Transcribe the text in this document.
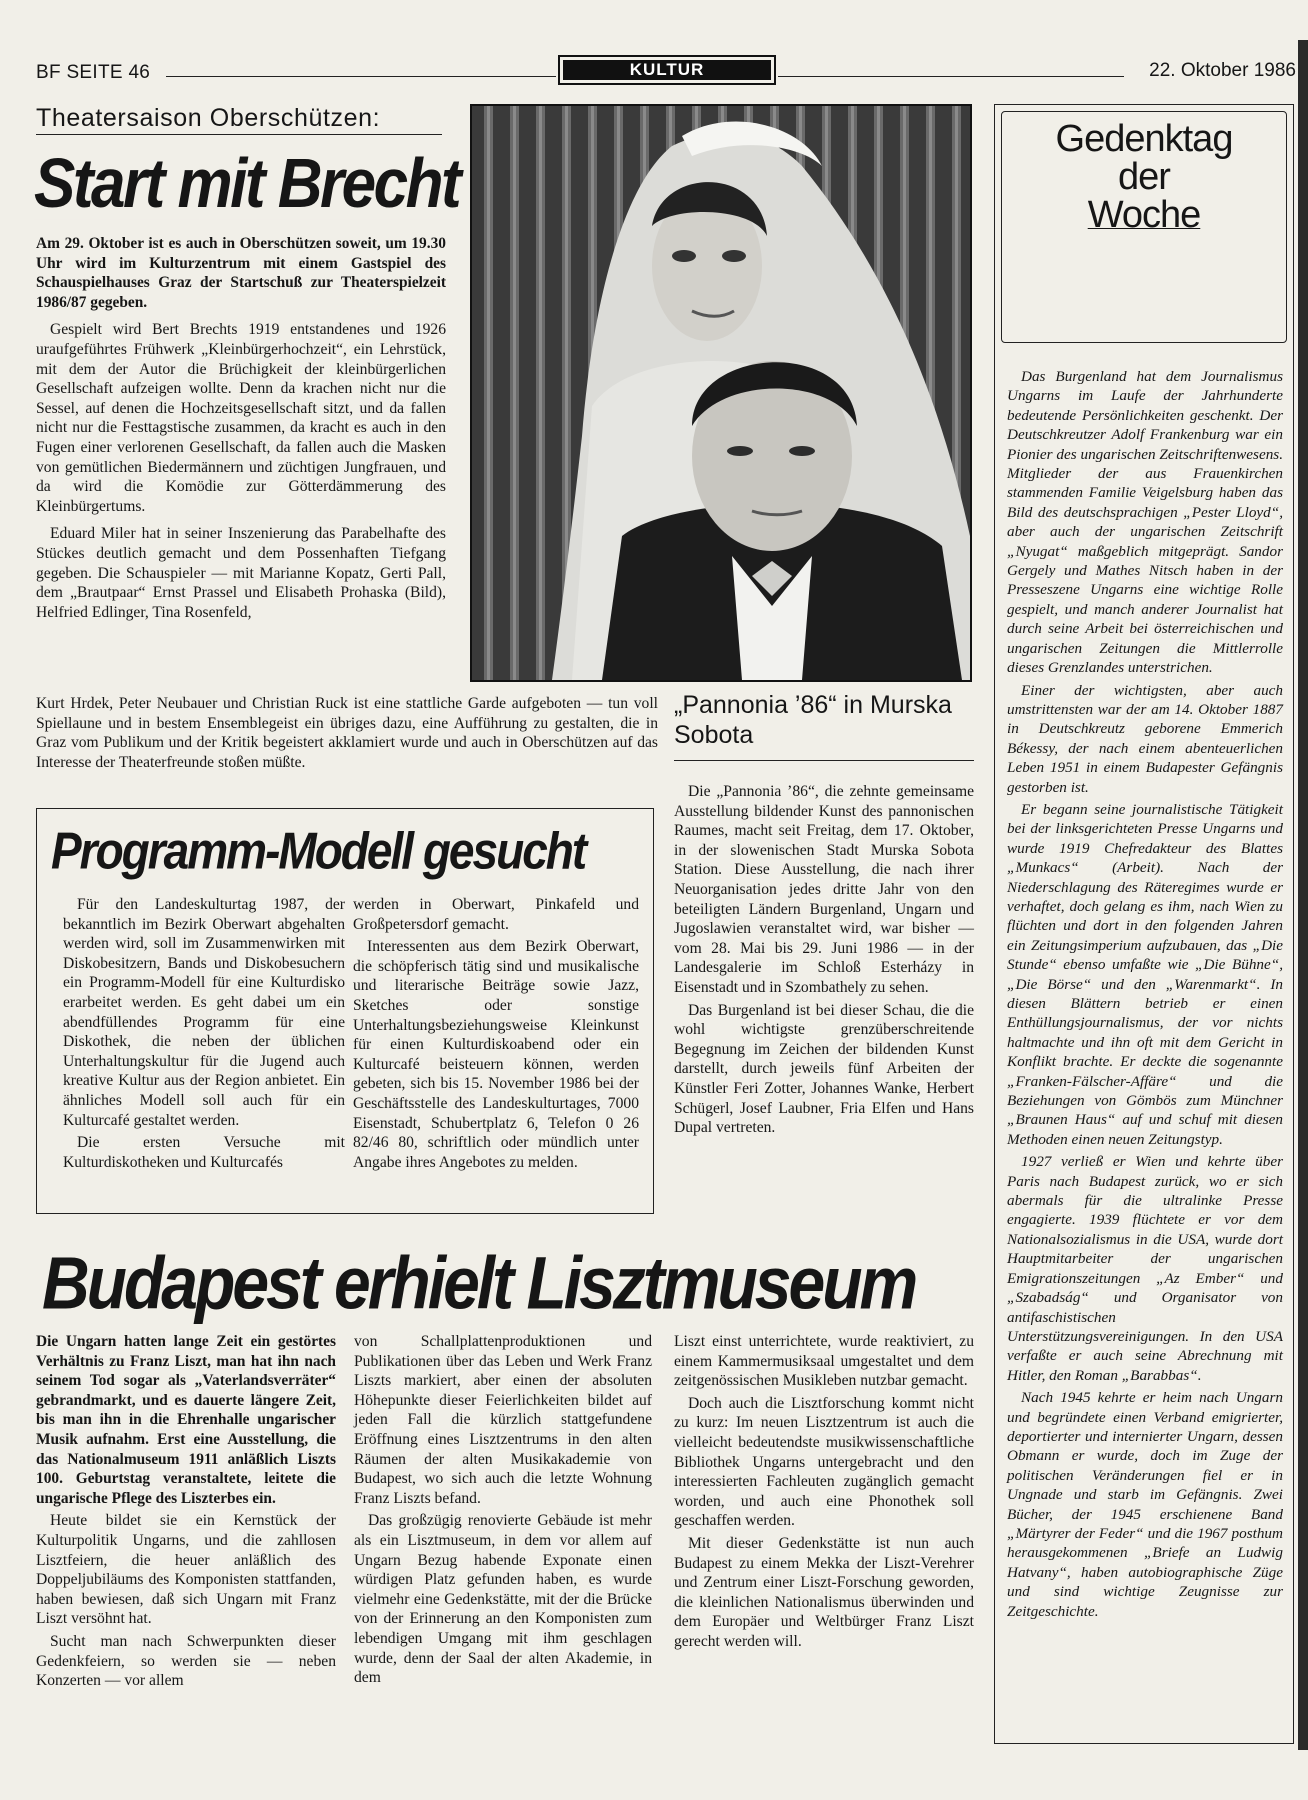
BF SEITE 46	KULTUR	22. Oktober 1986
Theatersaison Oberschützen:
Start mit Brecht

Am 29. Oktober ist es auch in Oberschützen soweit, um 19.30 Uhr wird im Kulturzentrum mit einem Gastspiel des Schauspielhauses Graz der Startschuß zur Theaterspielzeit 1986/87 gegeben.

Gespielt wird Bert Brechts 1919 entstandenes und 1926 uraufgeführtes Frühwerk „Kleinbürgerhochzeit“, ein Lehrstück, mit dem der Autor die Brüchigkeit der kleinbürgerlichen Gesellschaft aufzeigen wollte. Denn da krachen nicht nur die Sessel, auf denen die Hochzeitsgesellschaft sitzt, und da fallen nicht nur die Festtagstische zusammen, da kracht es auch in den Fugen einer verlorenen Gesellschaft, da fallen auch die Masken von gemütlichen Biedermännern und züchtigen Jungfrauen, und da wird die Komödie zur Götterdämmerung des Kleinbürgertums.

Eduard Miler hat in seiner Inszenierung das Parabelhafte des Stückes deutlich gemacht und dem Possenhaften Tiefgang gegeben. Die Schauspieler — mit Marianne Kopatz, Gerti Pall, dem „Brautpaar“ Ernst Prassel und Elisabeth Prohaska (Bild), Helfried Edlinger, Tina Rosenfeld,

Kurt Hrdek, Peter Neubauer und Christian Ruck ist eine stattliche Garde aufgeboten — tun voll Spiellaune und in bestem Ensemblegeist ein übriges dazu, eine Aufführung zu gestalten, die in Graz vom Publikum und der Kritik begeistert akklamiert wurde und auch in Oberschützen auf das Interesse der Theaterfreunde stoßen müßte.

Programm-Modell gesucht

Für den Landeskulturtag 1987, der bekanntlich im Bezirk Oberwart abgehalten werden wird, soll im Zusammenwirken mit Diskobesitzern, Bands und Diskobesuchern ein Programm-Modell für eine Kulturdisko erarbeitet werden. Es geht dabei um ein abendfüllendes Programm für eine Diskothek, die neben der üblichen Unterhaltungskultur für die Jugend auch kreative Kultur aus der Region anbietet. Ein ähnliches Modell soll auch für ein Kulturcafé gestaltet werden.

Die ersten Versuche mit Kulturdiskotheken und Kulturcafés

werden in Oberwart, Pinkafeld und Großpetersdorf gemacht.

Interessenten aus dem Bezirk Oberwart, die schöpferisch tätig sind und musikalische und literarische Beiträge sowie Jazz, Sketches oder sonstige Unterhaltungsbeziehungsweise Kleinkunst für einen Kulturdiskoabend oder ein Kulturcafé beisteuern können, werden gebeten, sich bis 15. November 1986 bei der Geschäftsstelle des Landeskulturtages, 7000 Eisenstadt, Schubertplatz 6, Telefon 0 26 82/46 80, schriftlich oder mündlich unter Angabe ihres Angebotes zu melden.

„Pannonia ’86“ in Murska Sobota

Die „Pannonia ’86“, die zehnte gemeinsame Ausstellung bildender Kunst des pannonischen Raumes, macht seit Freitag, dem 17. Oktober, in der slowenischen Stadt Murska Sobota Station. Diese Ausstellung, die nach ihrer Neuorganisation jedes dritte Jahr von den beteiligten Ländern Burgenland, Ungarn und Jugoslawien veranstaltet wird, war bisher — vom 28. Mai bis 29. Juni 1986 — in der Landesgalerie im Schloß Esterházy in Eisenstadt und in Szombathely zu sehen.

Das Burgenland ist bei dieser Schau, die die wohl wichtigste grenzüberschreitende Begegnung im Zeichen der bildenden Kunst darstellt, durch jeweils fünf Arbeiten der Künstler Feri Zotter, Johannes Wanke, Herbert Schügerl, Josef Laubner, Fria Elfen und Hans Dupal vertreten.

Budapest erhielt Lisztmuseum

Die Ungarn hatten lange Zeit ein gestörtes Verhältnis zu Franz Liszt, man hat ihn nach seinem Tod sogar als „Vaterlandsverräter“ gebrandmarkt, und es dauerte längere Zeit, bis man ihn in die Ehrenhalle ungarischer Musik aufnahm. Erst eine Ausstellung, die das Nationalmuseum 1911 anläßlich Liszts 100. Geburtstag veranstaltete, leitete die ungarische Pflege des Liszterbes ein.

Heute bildet sie ein Kernstück der Kulturpolitik Ungarns, und die zahllosen Lisztfeiern, die heuer anläßlich des Doppeljubiläums des Komponisten stattfanden, haben bewiesen, daß sich Ungarn mit Franz Liszt versöhnt hat.

Sucht man nach Schwerpunkten dieser Gedenkfeiern, so werden sie — neben Konzerten — vor allem

von Schallplattenproduktionen und Publikationen über das Leben und Werk Franz Liszts markiert, aber einen der absoluten Höhepunkte dieser Feierlichkeiten bildet auf jeden Fall die kürzlich stattgefundene Eröffnung eines Lisztzentrums in den alten Räumen der alten Musikakademie von Budapest, wo sich auch die letzte Wohnung Franz Liszts befand.

Das großzügig renovierte Gebäude ist mehr als ein Lisztmuseum, in dem vor allem auf Ungarn Bezug habende Exponate einen würdigen Platz gefunden haben, es wurde vielmehr eine Gedenkstätte, mit der die Brücke von der Erinnerung an den Komponisten zum lebendigen Umgang mit ihm geschlagen wurde, denn der Saal der alten Akademie, in dem

Liszt einst unterrichtete, wurde reaktiviert, zu einem Kammermusiksaal umgestaltet und dem zeitgenössischen Musikleben nutzbar gemacht.

Doch auch die Lisztforschung kommt nicht zu kurz: Im neuen Lisztzentrum ist auch die vielleicht bedeutendste musikwissenschaftliche Bibliothek Ungarns untergebracht und den interessierten Fachleuten zugänglich gemacht worden, und auch eine Phonothek soll geschaffen werden.

Mit dieser Gedenkstätte ist nun auch Budapest zu einem Mekka der Liszt-Verehrer und Zentrum einer Liszt-Forschung geworden, die kleinlichen Nationalismus überwinden und dem Europäer und Weltbürger Franz Liszt gerecht werden will.

Gedenktag
der
Woche

Das Burgenland hat dem Journalismus Ungarns im Laufe der Jahrhunderte bedeutende Persönlichkeiten geschenkt. Der Deutschkreutzer Adolf Frankenburg war ein Pionier des ungarischen Zeitschriftenwesens. Mitglieder der aus Frauenkirchen stammenden Familie Veigelsburg haben das Bild des deutschsprachigen „Pester Lloyd“, aber auch der ungarischen Zeitschrift „Nyugat“ maßgeblich mitgeprägt. Sandor Gergely und Mathes Nitsch haben in der Presseszene Ungarns eine wichtige Rolle gespielt, und manch anderer Journalist hat durch seine Arbeit bei österreichischen und ungarischen Zeitungen die Mittlerrolle dieses Grenzlandes unterstrichen.

Einer der wichtigsten, aber auch umstrittensten war der am 14. Oktober 1887 in Deutschkreutz geborene Emmerich Békessy, der nach einem abenteuerlichen Leben 1951 in einem Budapester Gefängnis gestorben ist.

Er begann seine journalistische Tätigkeit bei der linksgerichteten Presse Ungarns und wurde 1919 Chefredakteur des Blattes „Munkacs“ (Arbeit). Nach der Niederschlagung des Räteregimes wurde er verhaftet, doch gelang es ihm, nach Wien zu flüchten und dort in den folgenden Jahren ein Zeitungsimperium aufzubauen, das „Die Stunde“ ebenso umfaßte wie „Die Bühne“, „Die Börse“ und den „Warenmarkt“. In diesen Blättern betrieb er einen Enthüllungsjournalismus, der vor nichts haltmachte und ihn oft mit dem Gericht in Konflikt brachte. Er deckte die sogenannte „Franken-Fälscher-Affäre“ und die Beziehungen von Gömbös zum Münchner „Braunen Haus“ auf und schuf mit diesen Methoden einen neuen Zeitungstyp.

1927 verließ er Wien und kehrte über Paris nach Budapest zurück, wo er sich abermals für die ultralinke Presse engagierte. 1939 flüchtete er vor dem Nationalsozialismus in die USA, wurde dort Hauptmitarbeiter der ungarischen Emigrationszeitungen „Az Ember“ und „Szabadság“ und Organisator von antifaschistischen Unterstützungsvereinigungen. In den USA verfaßte er auch seine Abrechnung mit Hitler, den Roman „Barabbas“.

Nach 1945 kehrte er heim nach Ungarn und begründete einen Verband emigrierter, deportierter und internierter Ungarn, dessen Obmann er wurde, doch im Zuge der politischen Veränderungen fiel er in Ungnade und starb im Gefängnis. Zwei Bücher, der 1945 erschienene Band „Märtyrer der Feder“ und die 1967 posthum herausgekommenen „Briefe an Ludwig Hatvany“, haben autobiographische Züge und sind wichtige Zeugnisse zur Zeitgeschichte.
